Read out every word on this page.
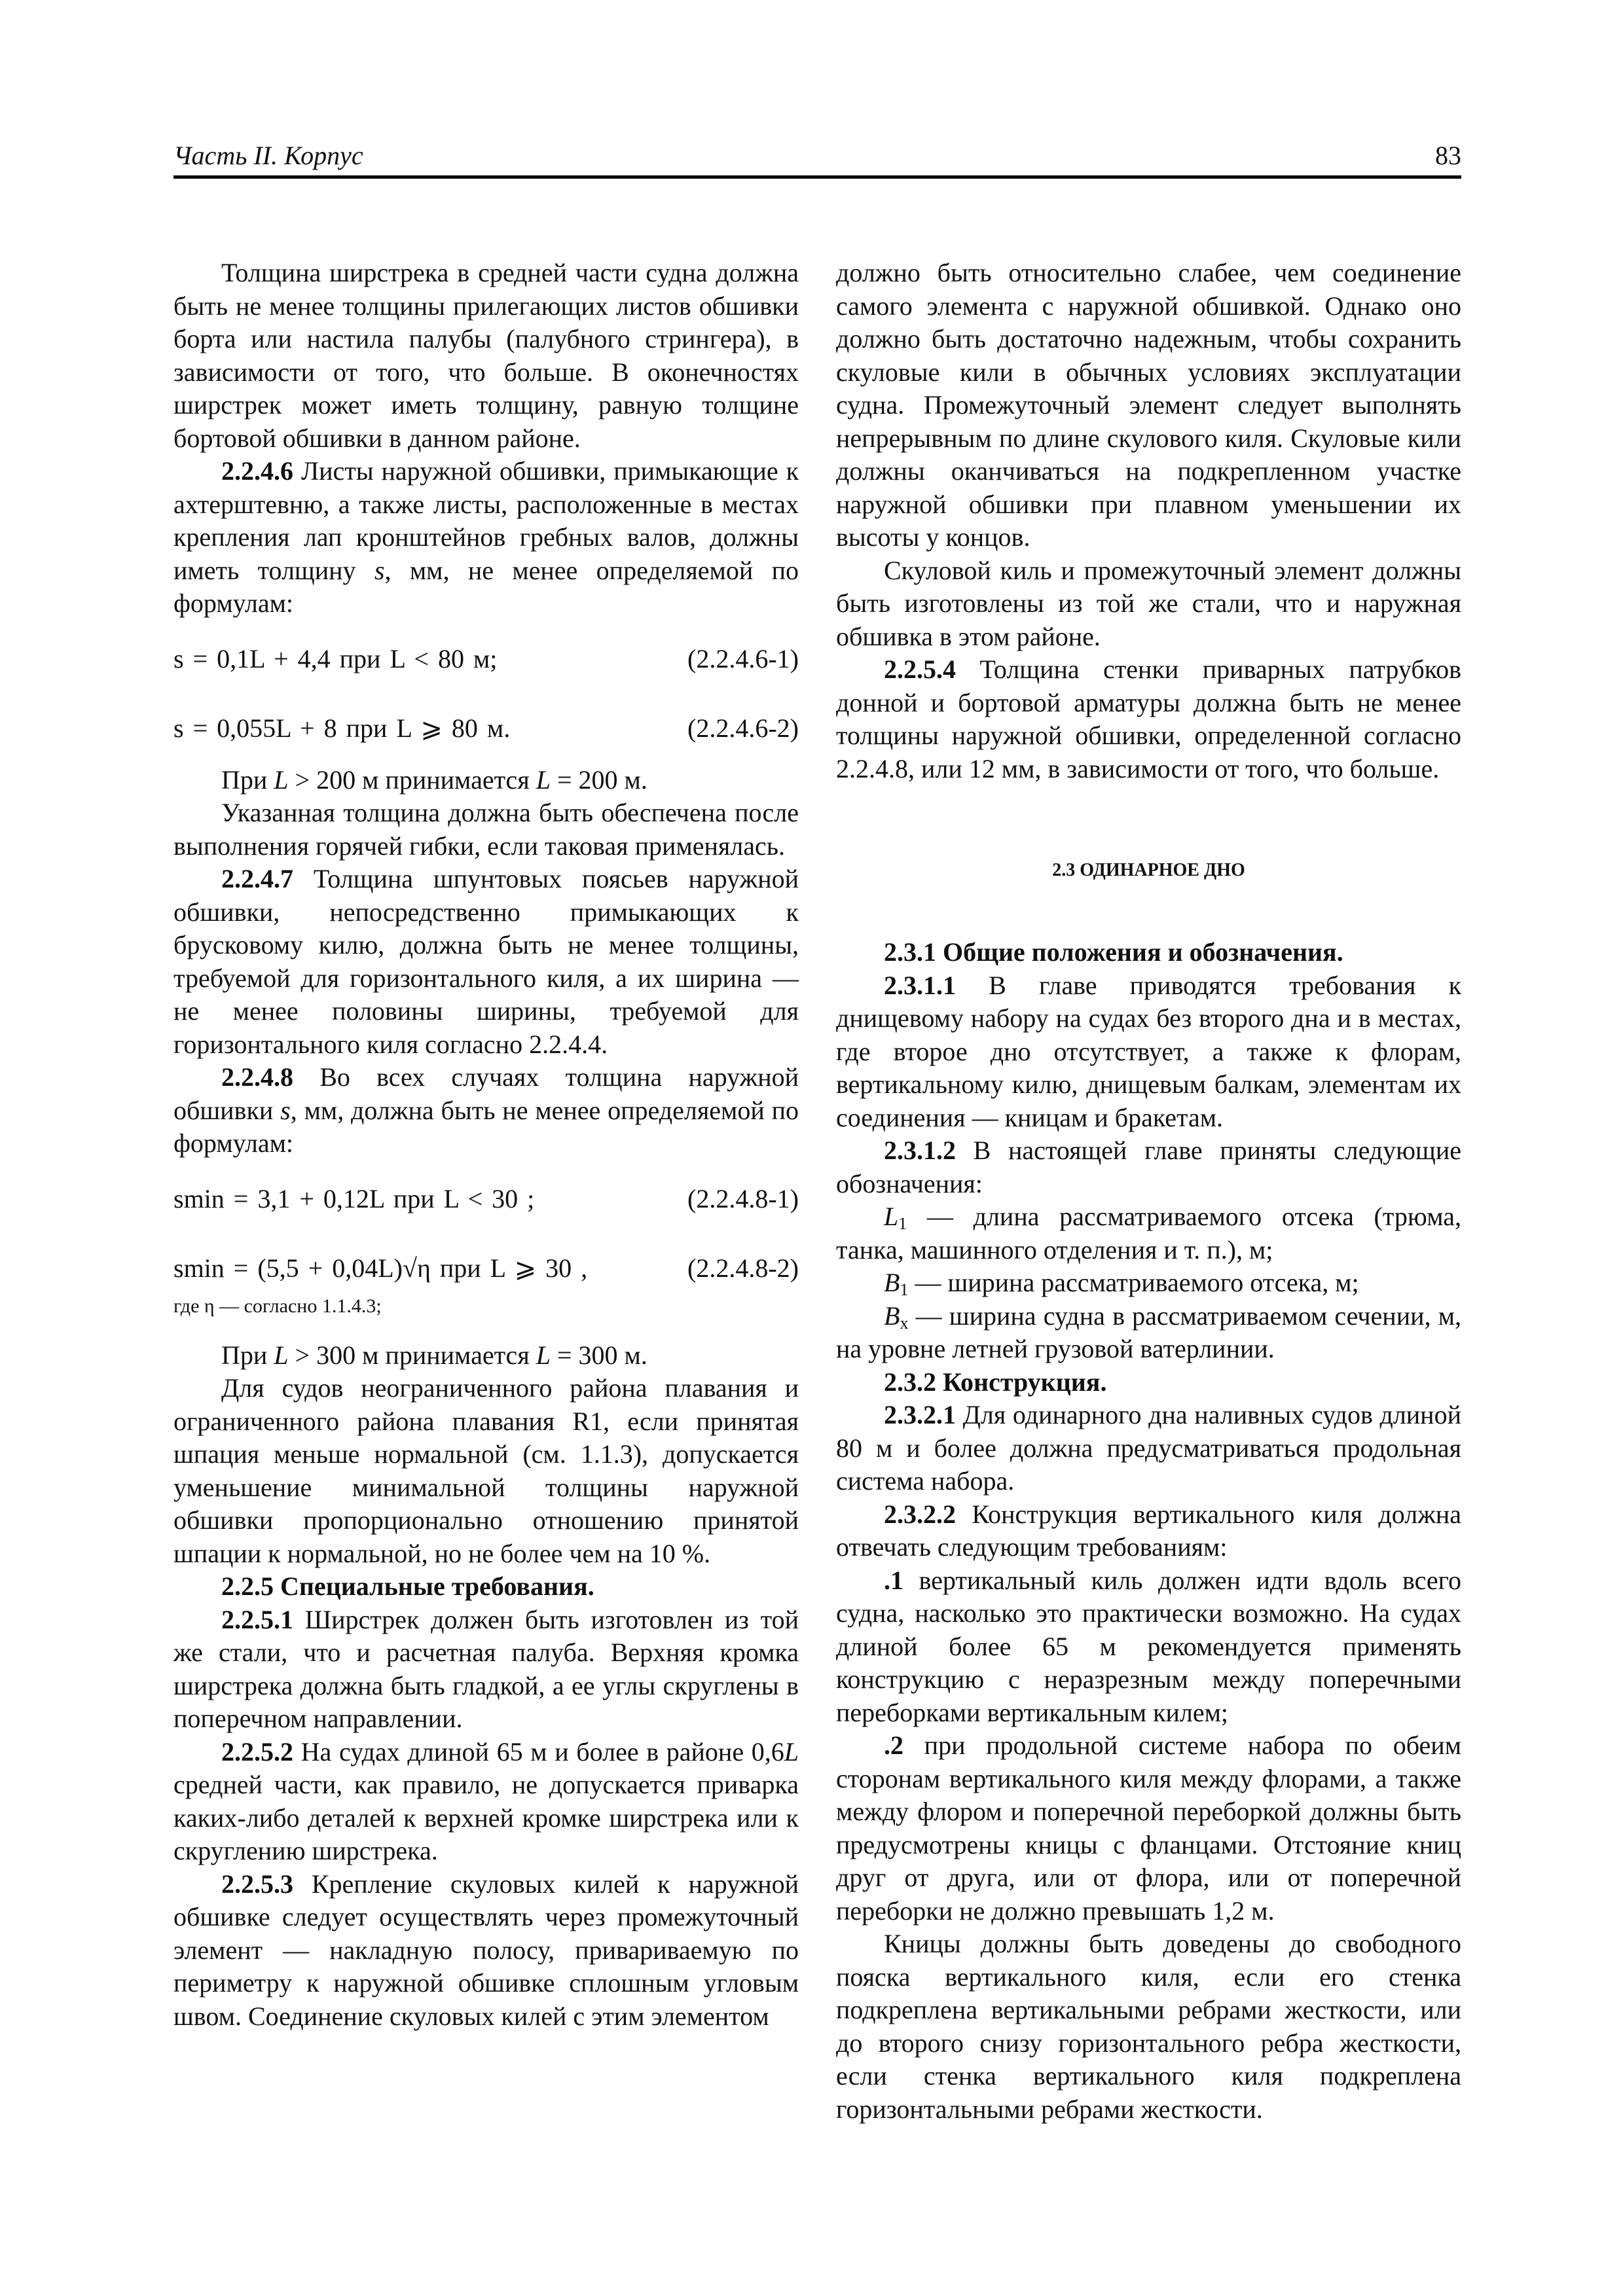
Часть II. Корпус	83
Толщина ширстрека в средней части судна должна быть не менее толщины прилегающих листов обшивки борта или настила палубы (палубного стрингера), в зависимости от того, что больше. В оконечностях ширстрек может иметь толщину, равную толщине бортовой обшивки в данном районе.
2.2.4.6 Листы наружной обшивки, примыкающие к ахтерштевню, а также листы, расположенные в местах крепления лап кронштейнов гребных валов, должны иметь толщину s, мм, не менее определяемой по формулам:
s = 0,1L + 4,4 при L < 80 м;	(2.2.4.6-1)
s = 0,055L + 8 при L ⩾ 80 м.	(2.2.4.6-2)
При L > 200 м принимается L = 200 м.
Указанная толщина должна быть обеспечена после выполнения горячей гибки, если таковая применялась.
2.2.4.7 Толщина шпунтовых поясьев наружной обшивки, непосредственно примыкающих к брусковому килю, должна быть не менее толщины, требуемой для горизонтального киля, а их ширина — не менее половины ширины, требуемой для горизонтального киля согласно 2.2.4.4.
2.2.4.8 Во всех случаях толщина наружной обшивки s, мм, должна быть не менее определяемой по формулам:
smin = 3,1 + 0,12L при L < 30 ;	(2.2.4.8-1)
smin = (5,5 + 0,04L)√η при L ⩾ 30 ,	(2.2.4.8-2)
где η — согласно 1.1.4.3;
При L > 300 м принимается L = 300 м.
Для судов неограниченного района плавания и ограниченного района плавания R1, если принятая шпация меньше нормальной (см. 1.1.3), допускается уменьшение минимальной толщины наружной обшивки пропорционально отношению принятой шпации к нормальной, но не более чем на 10 %.
2.2.5 Специальные требования.
2.2.5.1 Ширстрек должен быть изготовлен из той же стали, что и расчетная палуба. Верхняя кромка ширстрека должна быть гладкой, а ее углы скруглены в поперечном направлении.
2.2.5.2 На судах длиной 65 м и более в районе 0,6L средней части, как правило, не допускается приварка каких-либо деталей к верхней кромке ширстрека или к скруглению ширстрека.
2.2.5.3 Крепление скуловых килей к наружной обшивке следует осуществлять через промежуточный элемент — накладную полосу, привариваемую по периметру к наружной обшивке сплошным угловым швом. Соединение скуловых килей с этим элементом
должно быть относительно слабее, чем соединение самого элемента с наружной обшивкой. Однако оно должно быть достаточно надежным, чтобы сохранить скуловые кили в обычных условиях эксплуатации судна. Промежуточный элемент следует выполнять непрерывным по длине скулового киля. Скуловые кили должны оканчиваться на подкрепленном участке наружной обшивки при плавном уменьшении их высоты у концов.
Скуловой киль и промежуточный элемент должны быть изготовлены из той же стали, что и наружная обшивка в этом районе.
2.2.5.4 Толщина стенки приварных патрубков донной и бортовой арматуры должна быть не менее толщины наружной обшивки, определенной согласно 2.2.4.8, или 12 мм, в зависимости от того, что больше.
2.3 ОДИНАРНОЕ ДНО
2.3.1 Общие положения и обозначения.
2.3.1.1 В главе приводятся требования к днищевому набору на судах без второго дна и в местах, где второе дно отсутствует, а также к флорам, вертикальному килю, днищевым балкам, элементам их соединения — кницам и бракетам.
2.3.1.2 В настоящей главе приняты следующие обозначения:
$L_1$ — длина рассматриваемого отсека (трюма, танка, машинного отделения и т. п.), м;
$B_1$ — ширина рассматриваемого отсека, м;
$B_x$ — ширина судна в рассматриваемом сечении, м, на уровне летней грузовой ватерлинии.
2.3.2 Конструкция.
2.3.2.1 Для одинарного дна наливных судов длиной 80 м и более должна предусматриваться продольная система набора.
2.3.2.2 Конструкция вертикального киля должна отвечать следующим требованиям:
.1 вертикальный киль должен идти вдоль всего судна, насколько это практически возможно. На судах длиной более 65 м рекомендуется применять конструкцию с неразрезным между поперечными переборками вертикальным килем;
.2 при продольной системе набора по обеим сторонам вертикального киля между флорами, а также между флором и поперечной переборкой должны быть предусмотрены кницы с фланцами. Отстояние книц друг от друга, или от флора, или от поперечной переборки не должно превышать 1,2 м.
Кницы должны быть доведены до свободного пояска вертикального киля, если его стенка подкреплена вертикальными ребрами жесткости, или до второго снизу горизонтального ребра жесткости, если стенка вертикального киля подкреплена горизонтальными ребрами жесткости.
